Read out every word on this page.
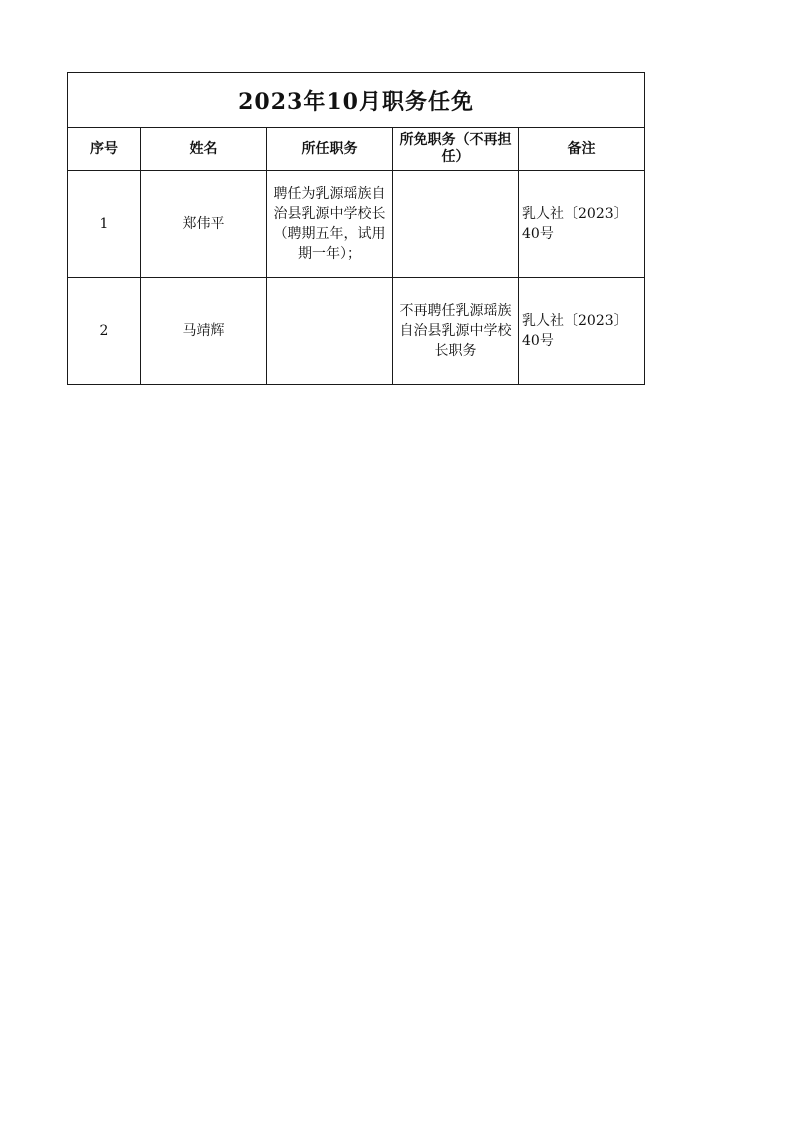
2023年10月职务任免				
序号	姓名	所任职务	所免职务（不再担任）	备注
1	郑伟平	聘任为乳源瑶族自治县乳源中学校长（聘期五年，试用期一年）；		乳人社〔2023〕40号
2	马靖辉		不再聘任乳源瑶族自治县乳源中学校长职务	乳人社〔2023〕40号
